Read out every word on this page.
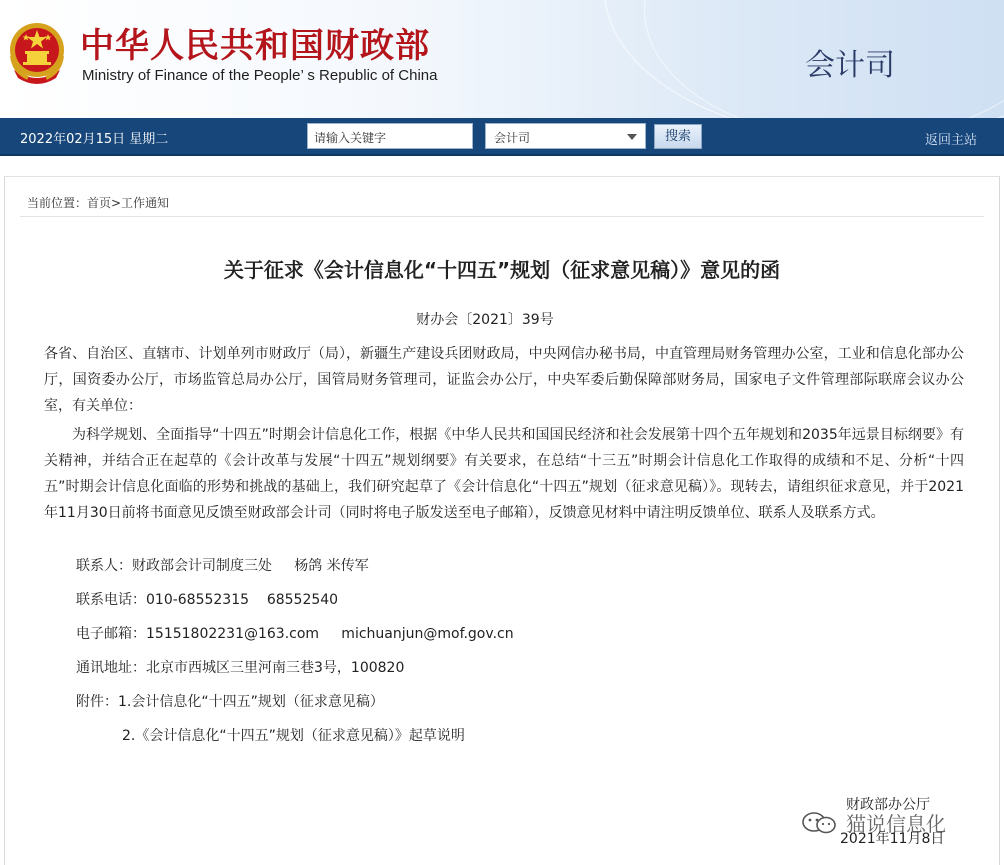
中华人民共和国财政部
Ministry of Finance of the People’ s Republic of China	会计司
2022年02月15日 星期二	请输入关键字	会计司	搜索	返回主站
当前位置：首页>工作通知
关于征求《会计信息化“十四五”规划（征求意见稿）》意见的函
财办会〔2021〕39号
各省、自治区、直辖市、计划单列市财政厅（局），新疆生产建设兵团财政局，中央网信办秘书局，中直管理局财务管理办公室，工业和信息化部办公厅，国资委办公厅，市场监管总局办公厅，国管局财务管理司，证监会办公厅，中央军委后勤保障部财务局，国家电子文件管理部际联席会议办公室，有关单位：
为科学规划、全面指导“十四五”时期会计信息化工作，根据《中华人民共和国国民经济和社会发展第十四个五年规划和2035年远景目标纲要》有关精神，并结合正在起草的《会计改革与发展“十四五”规划纲要》有关要求，在总结“十三五”时期会计信息化工作取得的成绩和不足、分析“十四五”时期会计信息化面临的形势和挑战的基础上，我们研究起草了《会计信息化“十四五”规划（征求意见稿）》。现转去，请组织征求意见，并于2021年11月30日前将书面意见反馈至财政部会计司（同时将电子版发送至电子邮箱），反馈意见材料中请注明反馈单位、联系人及联系方式。
联系人：财政部会计司制度三处     杨鸽 米传军
联系电话：010-68552315    68552540
电子邮箱：15151802231@163.com     michuanjun@mof.gov.cn
通讯地址：北京市西城区三里河南三巷3号，100820
附件：1.会计信息化“十四五”规划（征求意见稿）
2.《会计信息化“十四五”规划（征求意见稿）》起草说明
财政部办公厅
2021年11月8日
猫说信息化
